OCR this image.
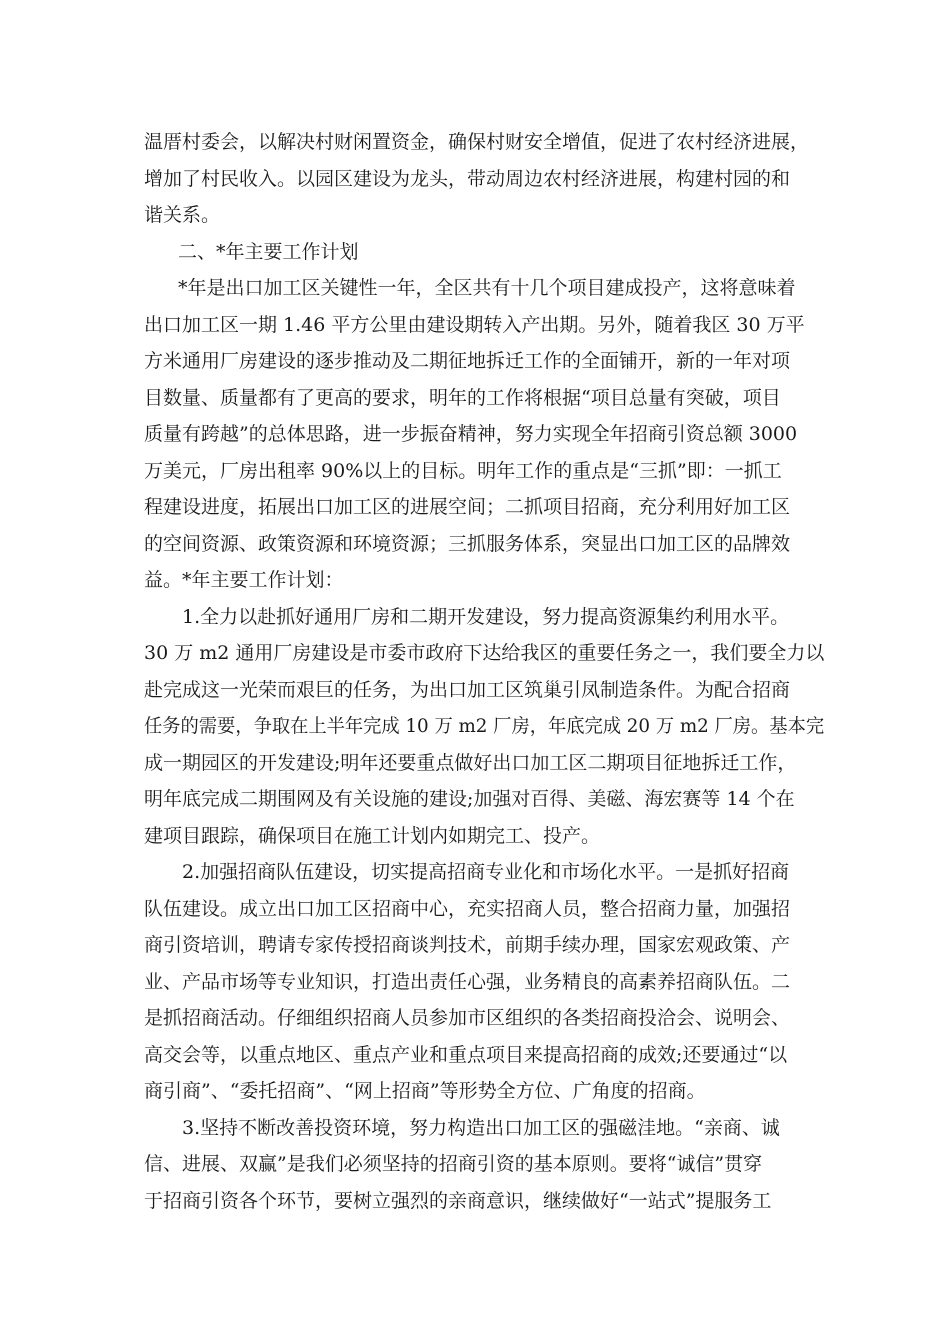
温厝村委会，以解决村财闲置资金，确保村财安全增值，促进了农村经济进展，
增加了村民收入。以园区建设为龙头，带动周边农村经济进展，构建村园的和
谐关系。
二、*年主要工作计划
*年是出口加工区关键性一年，全区共有十几个项目建成投产，这将意味着
出口加工区一期 1.46 平方公里由建设期转入产出期。另外，随着我区 30 万平
方米通用厂房建设的逐步推动及二期征地拆迁工作的全面铺开，新的一年对项
目数量、质量都有了更高的要求，明年的工作将根据“项目总量有突破，项目
质量有跨越”的总体思路，进一步振奋精神，努力实现全年招商引资总额 3000
万美元，厂房出租率 90%以上的目标。明年工作的重点是“三抓”即：一抓工
程建设进度，拓展出口加工区的进展空间；二抓项目招商，充分利用好加工区
的空间资源、政策资源和环境资源；三抓服务体系，突显出口加工区的品牌效
益。*年主要工作计划：
1.全力以赴抓好通用厂房和二期开发建设，努力提高资源集约利用水平。
30 万 m2 通用厂房建设是市委市政府下达给我区的重要任务之一，我们要全力以
赴完成这一光荣而艰巨的任务，为出口加工区筑巢引凤制造条件。为配合招商
任务的需要，争取在上半年完成 10 万 m2 厂房，年底完成 20 万 m2 厂房。基本完
成一期园区的开发建设;明年还要重点做好出口加工区二期项目征地拆迁工作，
明年底完成二期围网及有关设施的建设;加强对百得、美磁、海宏赛等 14 个在
建项目跟踪，确保项目在施工计划内如期完工、投产。
2.加强招商队伍建设，切实提高招商专业化和市场化水平。一是抓好招商
队伍建设。成立出口加工区招商中心，充实招商人员，整合招商力量，加强招
商引资培训，聘请专家传授招商谈判技术，前期手续办理，国家宏观政策、产
业、产品市场等专业知识，打造出责任心强，业务精良的高素养招商队伍。二
是抓招商活动。仔细组织招商人员参加市区组织的各类招商投洽会、说明会、
高交会等，以重点地区、重点产业和重点项目来提高招商的成效;还要通过“以
商引商”、“委托招商”、“网上招商”等形势全方位、广角度的招商。
3.坚持不断改善投资环境，努力构造出口加工区的强磁洼地。“亲商、诚
信、进展、双赢”是我们必须坚持的招商引资的基本原则。要将“诚信”贯穿
于招商引资各个环节，要树立强烈的亲商意识，继续做好“一站式”提服务工
